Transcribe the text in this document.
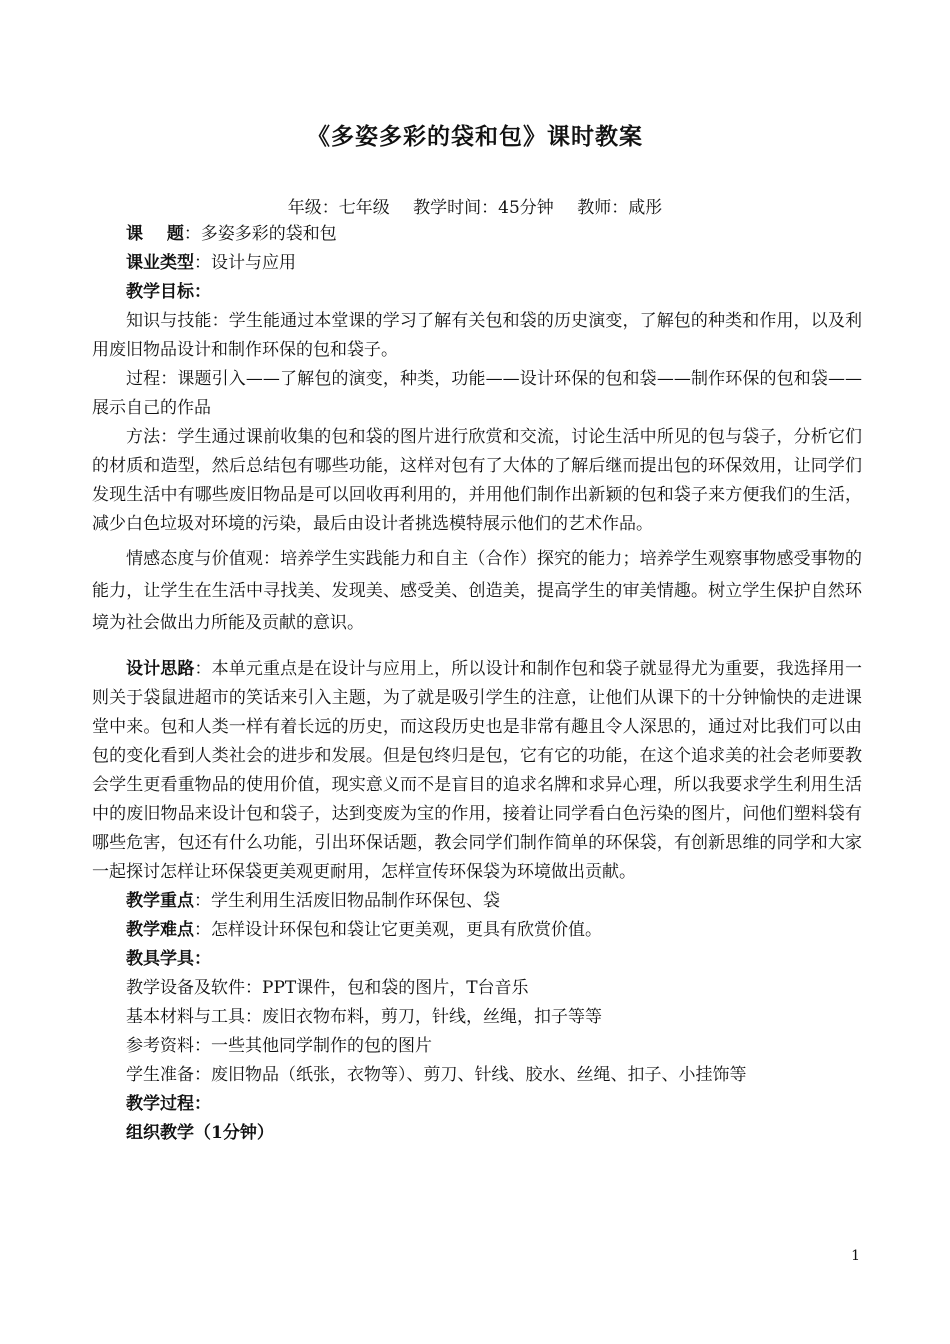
《多姿多彩的袋和包》课时教案
年级：七年级 教学时间：45分钟 教师：咸彤
课题：多姿多彩的袋和包
课业类型：设计与应用
教学目标：

知识与技能：学生能通过本堂课的学习了解有关包和袋的历史演变，了解包的种类和作用，以及利用废旧物品设计和制作环保的包和袋子。

过程：课题引入——了解包的演变，种类，功能——设计环保的包和袋——制作环保的包和袋——展示自己的作品

方法：学生通过课前收集的包和袋的图片进行欣赏和交流，讨论生活中所见的包与袋子，分析它们的材质和造型，然后总结包有哪些功能，这样对包有了大体的了解后继而提出包的环保效用，让同学们发现生活中有哪些废旧物品是可以回收再利用的，并用他们制作出新颖的包和袋子来方便我们的生活，减少白色垃圾对环境的污染，最后由设计者挑选模特展示他们的艺术作品。

情感态度与价值观：培养学生实践能力和自主（合作）探究的能力；培养学生观察事物感受事物的能力，让学生在生活中寻找美、发现美、感受美、创造美，提高学生的审美情趣。树立学生保护自然环境为社会做出力所能及贡献的意识。

设计思路：本单元重点是在设计与应用上，所以设计和制作包和袋子就显得尤为重要，我选择用一则关于袋鼠进超市的笑话来引入主题，为了就是吸引学生的注意，让他们从课下的十分钟愉快的走进课堂中来。包和人类一样有着长远的历史，而这段历史也是非常有趣且令人深思的，通过对比我们可以由包的变化看到人类社会的进步和发展。但是包终归是包，它有它的功能，在这个追求美的社会老师要教会学生更看重物品的使用价值，现实意义而不是盲目的追求名牌和求异心理，所以我要求学生利用生活中的废旧物品来设计包和袋子，达到变废为宝的作用，接着让同学看白色污染的图片，问他们塑料袋有哪些危害，包还有什么功能，引出环保话题，教会同学们制作简单的环保袋，有创新思维的同学和大家一起探讨怎样让环保袋更美观更耐用，怎样宣传环保袋为环境做出贡献。

教学重点：学生利用生活废旧物品制作环保包、袋
教学难点：怎样设计环保包和袋让它更美观，更具有欣赏价值。
教具学具：
教学设备及软件：PPT课件，包和袋的图片，T台音乐
基本材料与工具：废旧衣物布料，剪刀，针线，丝绳，扣子等等
参考资料：一些其他同学制作的包的图片
学生准备：废旧物品（纸张，衣物等）、剪刀、针线、胶水、丝绳、扣子、小挂饰等
教学过程：
组织教学（1分钟）
1
